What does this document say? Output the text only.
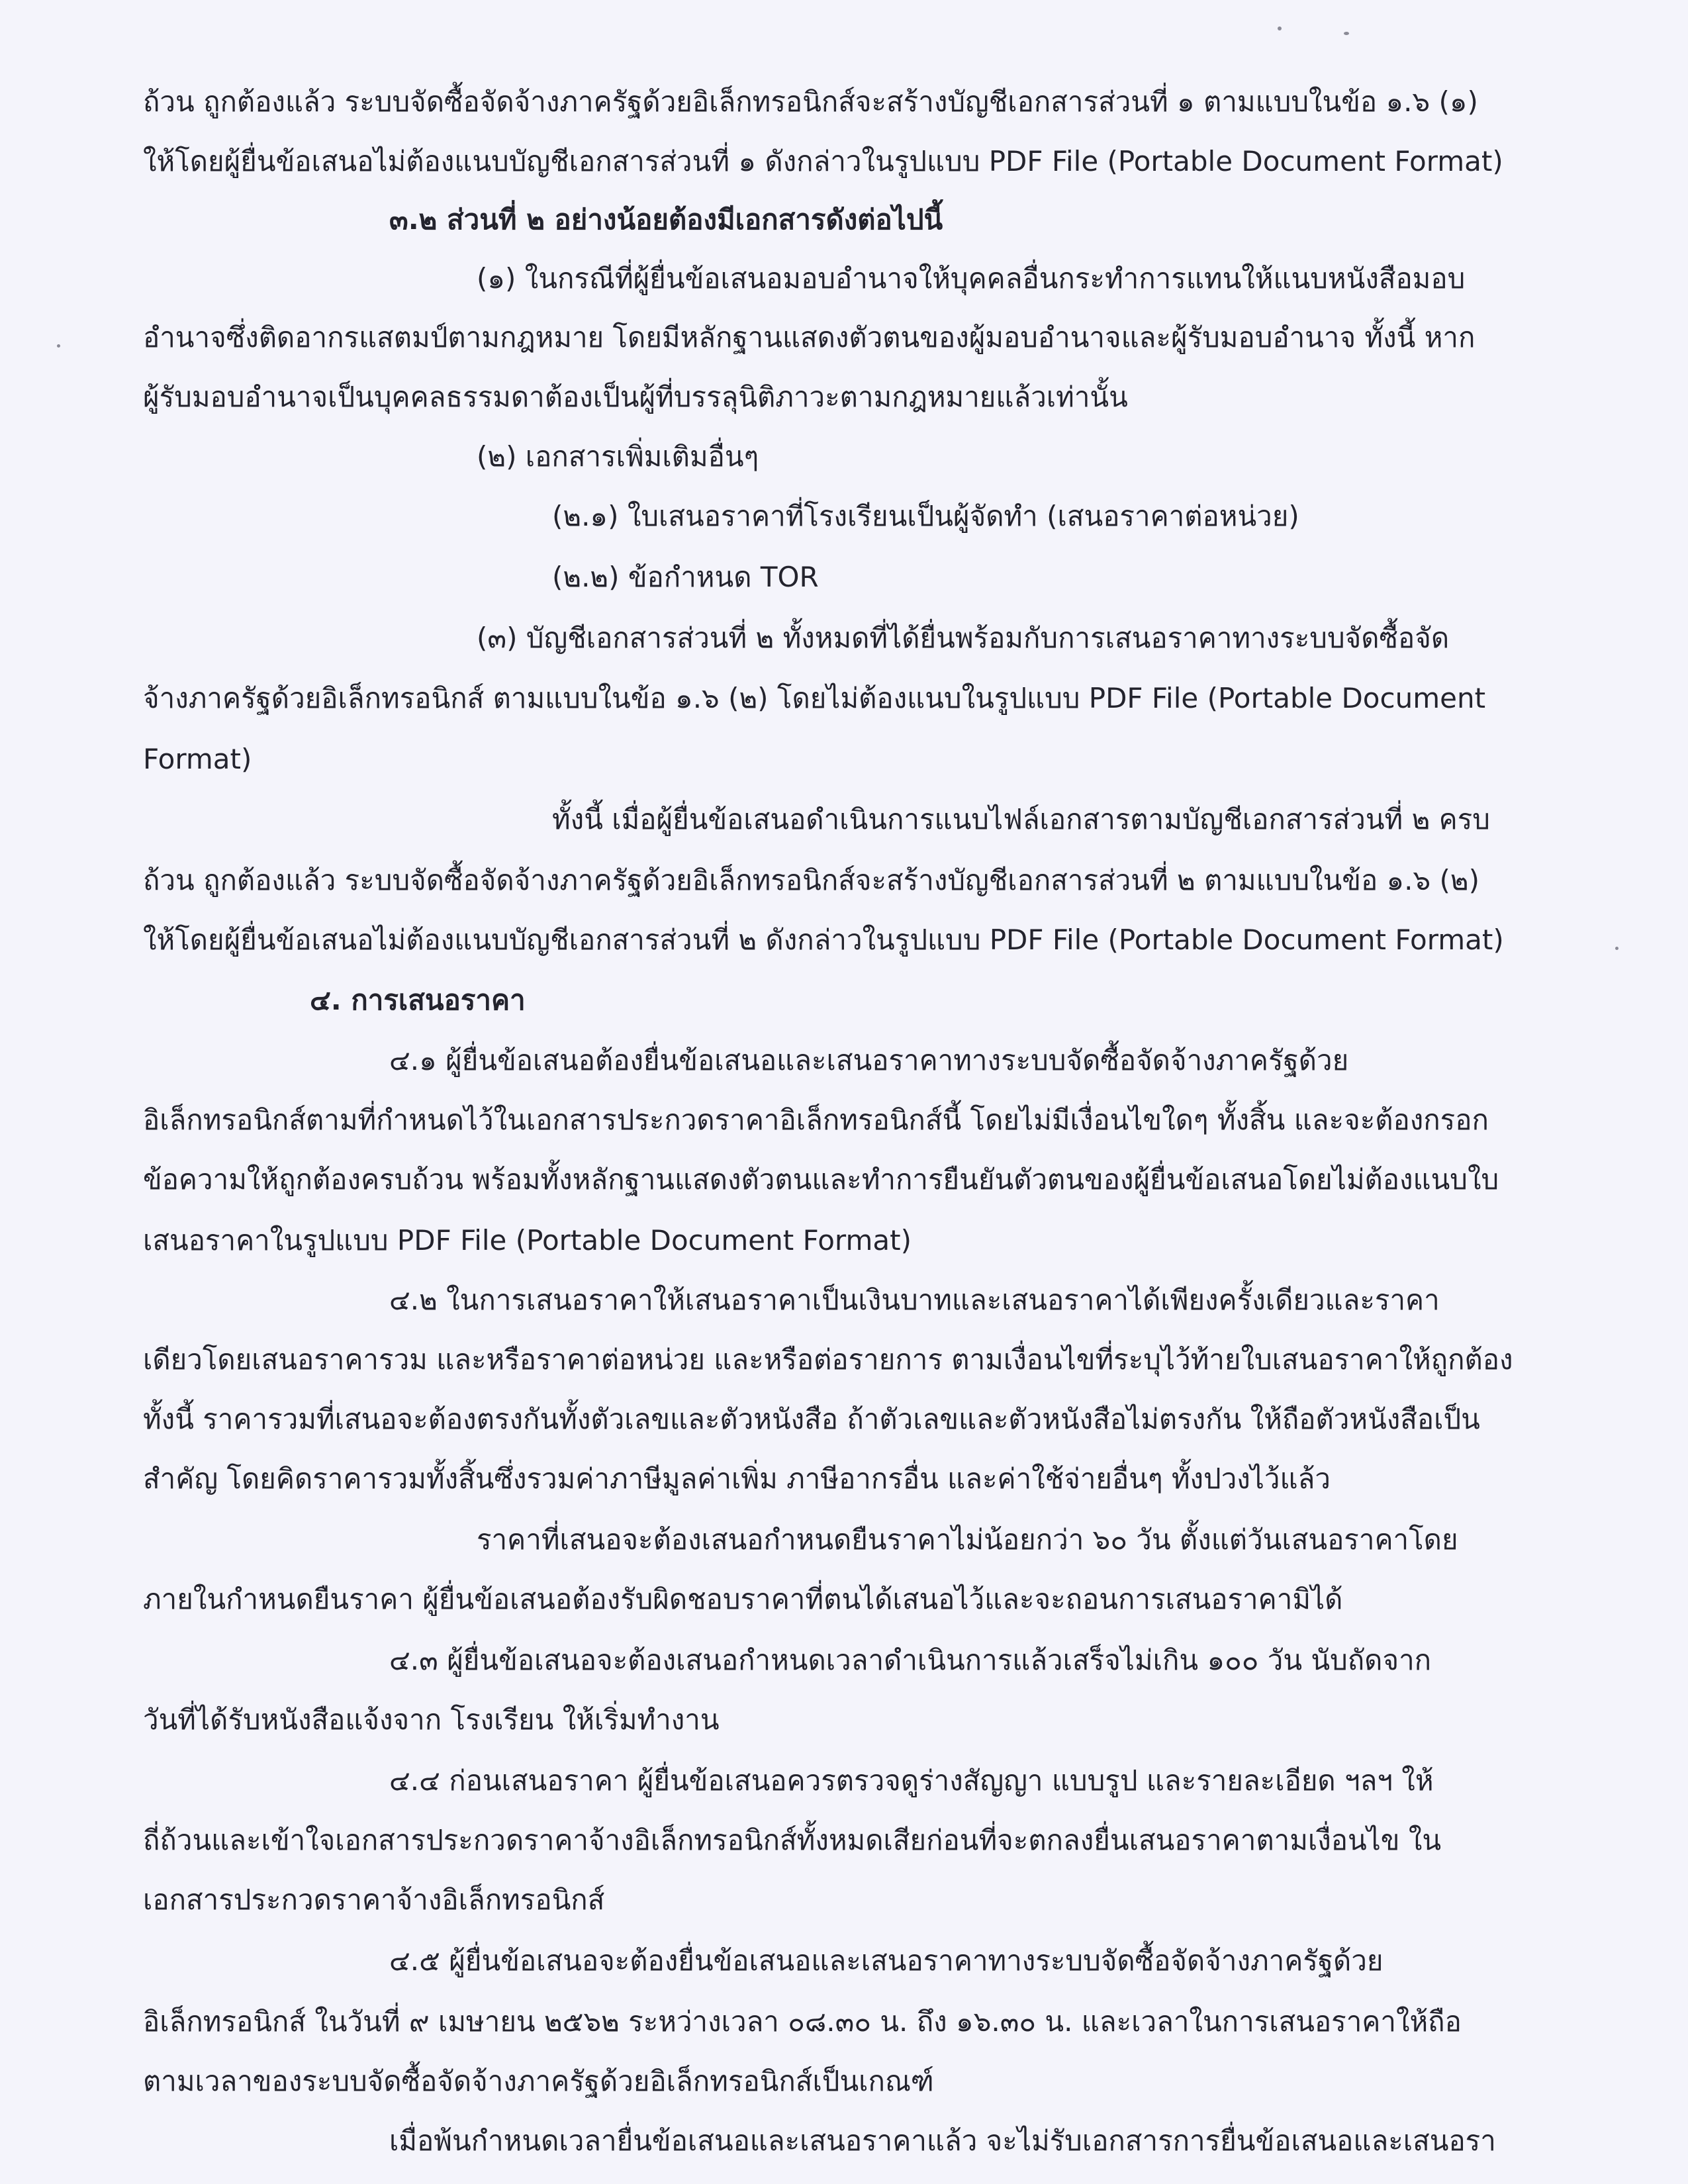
ถ้วน ถูกต้องแล้ว ระบบจัดซื้อจัดจ้างภาครัฐด้วยอิเล็กทรอนิกส์จะสร้างบัญชีเอกสารส่วนที่ ๑ ตามแบบในข้อ ๑.๖ (๑)

ให้โดยผู้ยื่นข้อเสนอไม่ต้องแนบบัญชีเอกสารส่วนที่ ๑ ดังกล่าวในรูปแบบ PDF File (Portable Document Format)

๓.๒ ส่วนที่ ๒ อย่างน้อยต้องมีเอกสารดังต่อไปนี้

(๑) ในกรณีที่ผู้ยื่นข้อเสนอมอบอำนาจให้บุคคลอื่นกระทำการแทนให้แนบหนังสือมอบ

อำนาจซึ่งติดอากรแสตมป์ตามกฎหมาย โดยมีหลักฐานแสดงตัวตนของผู้มอบอำนาจและผู้รับมอบอำนาจ ทั้งนี้ หาก

ผู้รับมอบอำนาจเป็นบุคคลธรรมดาต้องเป็นผู้ที่บรรลุนิติภาวะตามกฎหมายแล้วเท่านั้น

(๒) เอกสารเพิ่มเติมอื่นๆ

(๒.๑) ใบเสนอราคาที่โรงเรียนเป็นผู้จัดทำ (เสนอราคาต่อหน่วย)

(๒.๒) ข้อกำหนด TOR

(๓) บัญชีเอกสารส่วนที่ ๒ ทั้งหมดที่ได้ยื่นพร้อมกับการเสนอราคาทางระบบจัดซื้อจัด

จ้างภาครัฐด้วยอิเล็กทรอนิกส์ ตามแบบในข้อ ๑.๖ (๒) โดยไม่ต้องแนบในรูปแบบ PDF File (Portable Document

Format)

ทั้งนี้ เมื่อผู้ยื่นข้อเสนอดำเนินการแนบไฟล์เอกสารตามบัญชีเอกสารส่วนที่ ๒ ครบ

ถ้วน ถูกต้องแล้ว ระบบจัดซื้อจัดจ้างภาครัฐด้วยอิเล็กทรอนิกส์จะสร้างบัญชีเอกสารส่วนที่ ๒ ตามแบบในข้อ ๑.๖ (๒)

ให้โดยผู้ยื่นข้อเสนอไม่ต้องแนบบัญชีเอกสารส่วนที่ ๒ ดังกล่าวในรูปแบบ PDF File (Portable Document Format)

๔. การเสนอราคา

๔.๑ ผู้ยื่นข้อเสนอต้องยื่นข้อเสนอและเสนอราคาทางระบบจัดซื้อจัดจ้างภาครัฐด้วย

อิเล็กทรอนิกส์ตามที่กำหนดไว้ในเอกสารประกวดราคาอิเล็กทรอนิกส์นี้ โดยไม่มีเงื่อนไขใดๆ ทั้งสิ้น และจะต้องกรอก

ข้อความให้ถูกต้องครบถ้วน พร้อมทั้งหลักฐานแสดงตัวตนและทำการยืนยันตัวตนของผู้ยื่นข้อเสนอโดยไม่ต้องแนบใบ

เสนอราคาในรูปแบบ PDF File (Portable Document Format)

๔.๒ ในการเสนอราคาให้เสนอราคาเป็นเงินบาทและเสนอราคาได้เพียงครั้งเดียวและราคา

เดียวโดยเสนอราคารวม และหรือราคาต่อหน่วย และหรือต่อรายการ ตามเงื่อนไขที่ระบุไว้ท้ายใบเสนอราคาให้ถูกต้อง

ทั้งนี้ ราคารวมที่เสนอจะต้องตรงกันทั้งตัวเลขและตัวหนังสือ ถ้าตัวเลขและตัวหนังสือไม่ตรงกัน ให้ถือตัวหนังสือเป็น

สำคัญ โดยคิดราคารวมทั้งสิ้นซึ่งรวมค่าภาษีมูลค่าเพิ่ม ภาษีอากรอื่น และค่าใช้จ่ายอื่นๆ ทั้งปวงไว้แล้ว

ราคาที่เสนอจะต้องเสนอกำหนดยืนราคาไม่น้อยกว่า ๖๐ วัน ตั้งแต่วันเสนอราคาโดย

ภายในกำหนดยืนราคา ผู้ยื่นข้อเสนอต้องรับผิดชอบราคาที่ตนได้เสนอไว้และจะถอนการเสนอราคามิได้

๔.๓ ผู้ยื่นข้อเสนอจะต้องเสนอกำหนดเวลาดำเนินการแล้วเสร็จไม่เกิน ๑๐๐ วัน นับถัดจาก

วันที่ได้รับหนังสือแจ้งจาก โรงเรียน ให้เริ่มทำงาน

๔.๔ ก่อนเสนอราคา ผู้ยื่นข้อเสนอควรตรวจดูร่างสัญญา แบบรูป และรายละเอียด ฯลฯ ให้

ถี่ถ้วนและเข้าใจเอกสารประกวดราคาจ้างอิเล็กทรอนิกส์ทั้งหมดเสียก่อนที่จะตกลงยื่นเสนอราคาตามเงื่อนไข ใน

เอกสารประกวดราคาจ้างอิเล็กทรอนิกส์

๔.๕ ผู้ยื่นข้อเสนอจะต้องยื่นข้อเสนอและเสนอราคาทางระบบจัดซื้อจัดจ้างภาครัฐด้วย

อิเล็กทรอนิกส์ ในวันที่ ๙ เมษายน ๒๕๖๒ ระหว่างเวลา ๐๘.๓๐ น. ถึง ๑๖.๓๐ น. และเวลาในการเสนอราคาให้ถือ

ตามเวลาของระบบจัดซื้อจัดจ้างภาครัฐด้วยอิเล็กทรอนิกส์เป็นเกณฑ์

เมื่อพ้นกำหนดเวลายื่นข้อเสนอและเสนอราคาแล้ว จะไม่รับเอกสารการยื่นข้อเสนอและเสนอรา
